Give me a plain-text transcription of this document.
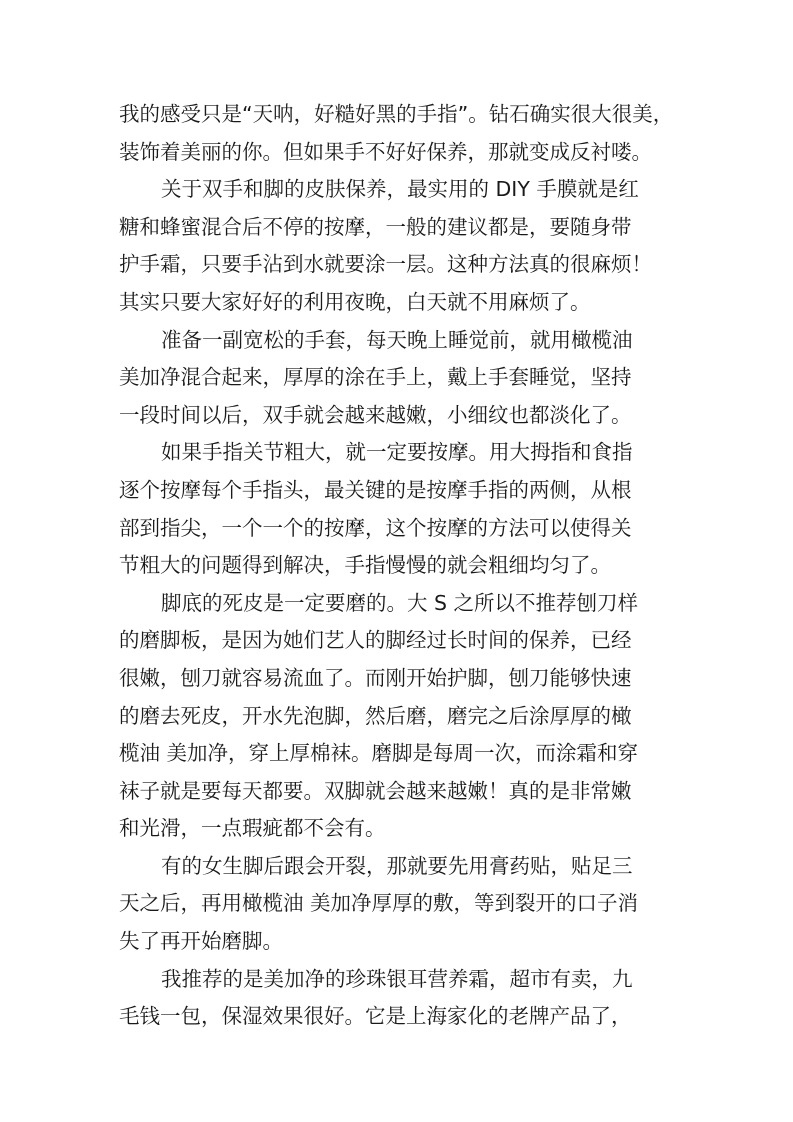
我的感受只是“天呐，好糙好黑的手指”。钻石确实很大很美，
装饰着美丽的你。但如果手不好好保养，那就变成反衬喽。
关于双手和脚的皮肤保养，最实用的 DIY 手膜就是红
糖和蜂蜜混合后不停的按摩，一般的建议都是，要随身带
护手霜，只要手沾到水就要涂一层。这种方法真的很麻烦！
其实只要大家好好的利用夜晚，白天就不用麻烦了。
准备一副宽松的手套，每天晚上睡觉前，就用橄榄油
美加净混合起来，厚厚的涂在手上，戴上手套睡觉，坚持
一段时间以后，双手就会越来越嫩，小细纹也都淡化了。
如果手指关节粗大，就一定要按摩。用大拇指和食指
逐个按摩每个手指头，最关键的是按摩手指的两侧，从根
部到指尖，一个一个的按摩，这个按摩的方法可以使得关
节粗大的问题得到解决，手指慢慢的就会粗细均匀了。
脚底的死皮是一定要磨的。大 S 之所以不推荐刨刀样
的磨脚板，是因为她们艺人的脚经过长时间的保养，已经
很嫩，刨刀就容易流血了。而刚开始护脚，刨刀能够快速
的磨去死皮，开水先泡脚，然后磨，磨完之后涂厚厚的橄
榄油 美加净，穿上厚棉袜。磨脚是每周一次，而涂霜和穿
袜子就是要每天都要。双脚就会越来越嫩！真的是非常嫩
和光滑，一点瑕疵都不会有。
有的女生脚后跟会开裂，那就要先用膏药贴，贴足三
天之后，再用橄榄油 美加净厚厚的敷，等到裂开的口子消
失了再开始磨脚。
我推荐的是美加净的珍珠银耳营养霜，超市有卖，九
毛钱一包，保湿效果很好。它是上海家化的老牌产品了，
